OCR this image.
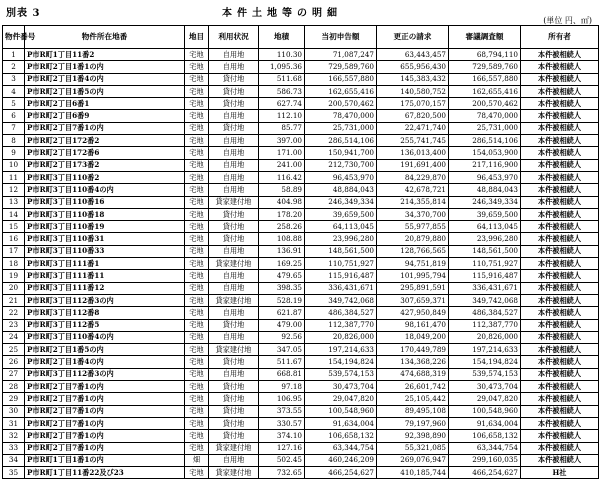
別表 3	本件土地等の明細
(単位 円、㎡)
物件番号	物件所在地番	地目	利用状況	地積	当初申告額	更正の請求	審議調査額	所有者
1	P市R町1丁目11番2	宅地	自用地	110.30	71,087,247	63,443,457	68,794,110	本件被相続人
2	P市R町2丁目1番1の内	宅地	自用地	1,095.36	729,589,760	655,956,430	729,589,760	本件被相続人
3	P市R町2丁目1番4の内	宅地	貸付地	511.68	166,557,880	145,383,432	166,557,880	本件被相続人
4	P市R町2丁目1番5の内	宅地	貸付地	586.73	162,655,416	140,580,752	162,655,416	本件被相続人
5	P市R町2丁目6番1	宅地	貸付地	627.74	200,570,462	175,070,157	200,570,462	本件被相続人
6	P市R町2丁目6番9	宅地	自用地	112.10	78,470,000	67,820,500	78,470,000	本件被相続人
7	P市R町2丁目7番1の内	宅地	貸付地	85.77	25,731,000	22,471,740	25,731,000	本件被相続人
8	P市R町2丁目172番2	宅地	自用地	397.00	286,514,106	255,741,745	286,514,106	本件被相続人
9	P市R町2丁目172番6	宅地	自用地	171.00	150,941,700	136,013,400	154,053,900	本件被相続人
10	P市R町2丁目173番2	宅地	自用地	241.00	212,730,700	191,691,400	217,116,900	本件被相続人
11	P市R町3丁目110番2	宅地	自用地	116.42	96,453,970	84,229,870	96,453,970	本件被相続人
12	P市R町3丁目110番4の内	宅地	自用地	58.89	48,884,043	42,678,721	48,884,043	本件被相続人
13	P市R町3丁目110番16	宅地	貸家建付地	404.98	246,349,334	214,355,814	246,349,334	本件被相続人
14	P市R町3丁目110番18	宅地	貸付地	178.20	39,659,500	34,370,700	39,659,500	本件被相続人
15	P市R町3丁目110番19	宅地	貸付地	258.26	64,113,045	55,977,855	64,113,045	本件被相続人
16	P市R町3丁目110番31	宅地	貸付地	108.88	23,996,280	20,879,880	23,996,280	本件被相続人
17	P市R町3丁目110番33	宅地	自用地	136.91	148,561,500	128,766,565	148,561,500	本件被相続人
18	P市R町3丁目111番1	宅地	貸家建付地	169.25	110,751,927	94,751,819	110,751,927	本件被相続人
19	P市R町3丁目111番11	宅地	自用地	479.65	115,916,487	101,995,794	115,916,487	本件被相続人
20	P市R町3丁目111番12	宅地	自用地	398.35	336,431,671	295,891,591	336,431,671	本件被相続人
21	P市R町3丁目112番3の内	宅地	貸家建付地	528.19	349,742,068	307,659,371	349,742,068	本件被相続人
22	P市R町3丁目112番8	宅地	自用地	621.87	486,384,527	427,950,849	486,384,527	本件被相続人
23	P市R町3丁目112番5	宅地	貸付地	479.00	112,387,770	98,161,470	112,387,770	本件被相続人
24	P市R町3丁目110番4の内	宅地	自用地	92.56	20,826,000	18,049,200	20,826,000	本件被相続人
25	P市R町2丁目1番5の内	宅地	貸家建付地	347.05	197,214,633	170,449,789	197,214,633	本件被相続人
26	P市R町2丁目1番4の内	宅地	貸付地	511.67	154,194,824	134,368,226	154,194,824	本件被相続人
27	P市R町3丁目112番3の内	宅地	自用地	668.81	539,574,153	474,688,319	539,574,153	本件被相続人
28	P市R町2丁目7番1の内	宅地	貸付地	97.18	30,473,704	26,601,742	30,473,704	本件被相続人
29	P市R町2丁目7番1の内	宅地	貸付地	106.95	29,047,820	25,105,442	29,047,820	本件被相続人
30	P市R町2丁目7番1の内	宅地	貸付地	373.55	100,548,960	89,495,108	100,548,960	本件被相続人
31	P市R町2丁目7番1の内	宅地	貸付地	330.57	91,634,004	79,197,960	91,634,004	本件被相続人
32	P市R町2丁目7番1の内	宅地	貸付地	374.10	106,658,132	92,398,890	106,658,132	本件被相続人
33	P市R町2丁目7番1の内	宅地	貸家建付地	127.16	63,344,754	55,321,085	63,344,754	本件被相続人
34	P市R町1丁目1番1の内	畑	自用地	502.45	460,246,209	269,076,947	299,160,035	本件被相続人
35	P市R町1丁目11番22及び23	宅地	貸家建付地	732.65	466,254,627	410,185,744	466,254,627	H社
